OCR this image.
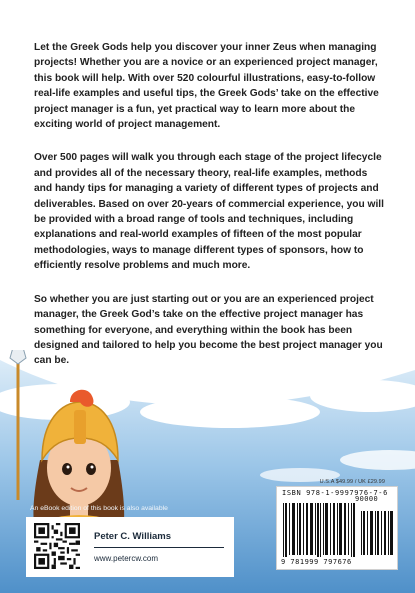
Let the Greek Gods help you discover your inner Zeus when managing projects! Whether you are a novice or an experienced project manager, this book will help. With over 520 colourful illustrations, easy-to-follow real-life examples and useful tips, the Greek Gods’ take on the effective project manager is a fun, yet practical way to learn more about the exciting world of project management.

Over 500 pages will walk you through each stage of the project lifecycle and provides all of the necessary theory, real-life examples, methods and handy tips for managing a variety of different types of projects and deliverables. Based on over 20-years of commercial experience, you will be provided with a broad range of tools and techniques, including explanations and real-world examples of fifteen of the most popular methodologies, ways to manage different types of sponsors, how to efficiently resolve problems and much more.

So whether you are just starting out or you are an experienced project manager, the Greek God’s take on the effective project manager has something for everyone, and everything within the book has been designed and tailored to help you become the best project manager you can be.

U.S.A $49.99 / UK £29.99
ISBN 978-1-9997976-7-6
90000
9 781999 797676
An eBook edition of this book is also available
Peter C. Williams
www.petercw.com
